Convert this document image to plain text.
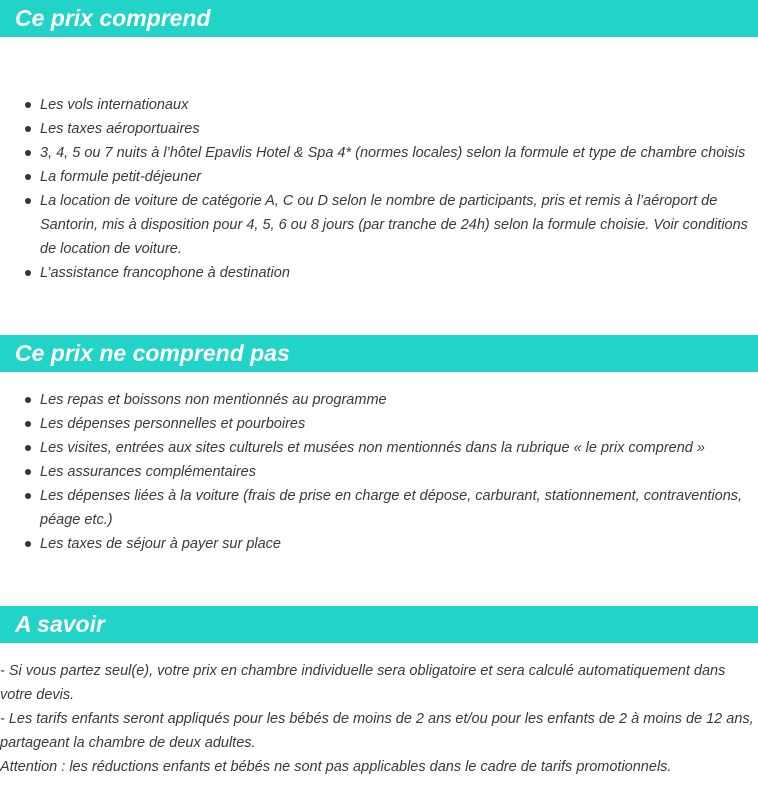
Ce prix comprend
Les vols internationaux
Les taxes aéroportuaires
3, 4, 5 ou 7 nuits à l’hôtel Epavlis Hotel & Spa 4* (normes locales) selon la formule et type de chambre choisis
La formule petit-déjeuner
La location de voiture de catégorie A, C ou D selon le nombre de participants, pris et remis à l’aéroport de Santorin, mis à disposition pour 4, 5, 6 ou 8 jours (par tranche de 24h) selon la formule choisie. Voir conditions de location de voiture.
L’assistance francophone à destination
Ce prix ne comprend pas
Les repas et boissons non mentionnés au programme
Les dépenses personnelles et pourboires
Les visites, entrées aux sites culturels et musées non mentionnés dans la rubrique « le prix comprend »
Les assurances complémentaires
Les dépenses liées à la voiture (frais de prise en charge et dépose, carburant, stationnement, contraventions, péage etc.)
Les taxes de séjour à payer sur place
A savoir

- Si vous partez seul(e), votre prix en chambre individuelle sera obligatoire et sera calculé automatiquement dans votre devis.

- Les tarifs enfants seront appliqués pour les bébés de moins de 2 ans et/ou pour les enfants de 2 à moins de 12 ans, partageant la chambre de deux adultes.

Attention : les réductions enfants et bébés ne sont pas applicables dans le cadre de tarifs promotionnels.
